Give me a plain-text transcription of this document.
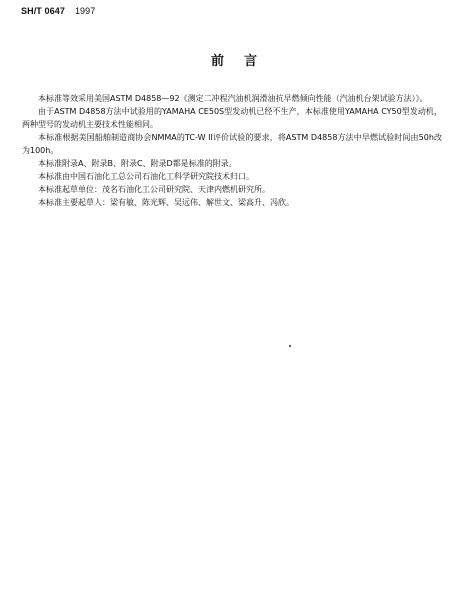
SH/T 0647 1997
前言

本标准等效采用美国ASTM D4858—92《测定二冲程汽油机润滑油抗早燃倾向性能（汽油机台架试验方法）》。

由于ASTM D4858方法中试验用的YAMAHA CE50S型发动机已经不生产，本标准使用YAMAHA CY50型发动机，两种型号的发动机主要技术性能相同。

本标准根据美国船舶制造商协会NMMA的TC-W II评价试验的要求，将ASTM D4858方法中早燃试验时间由50h改为100h。

本标准附录A、附录B、附录C、附录D都是标准的附录。

本标准由中国石油化工总公司石油化工科学研究院技术归口。

本标准起草单位：茂名石油化工公司研究院、天津内燃机研究所。

本标准主要起草人：梁有敏、陈光辉、吴远伟、解世文、梁高升、冯欣。
